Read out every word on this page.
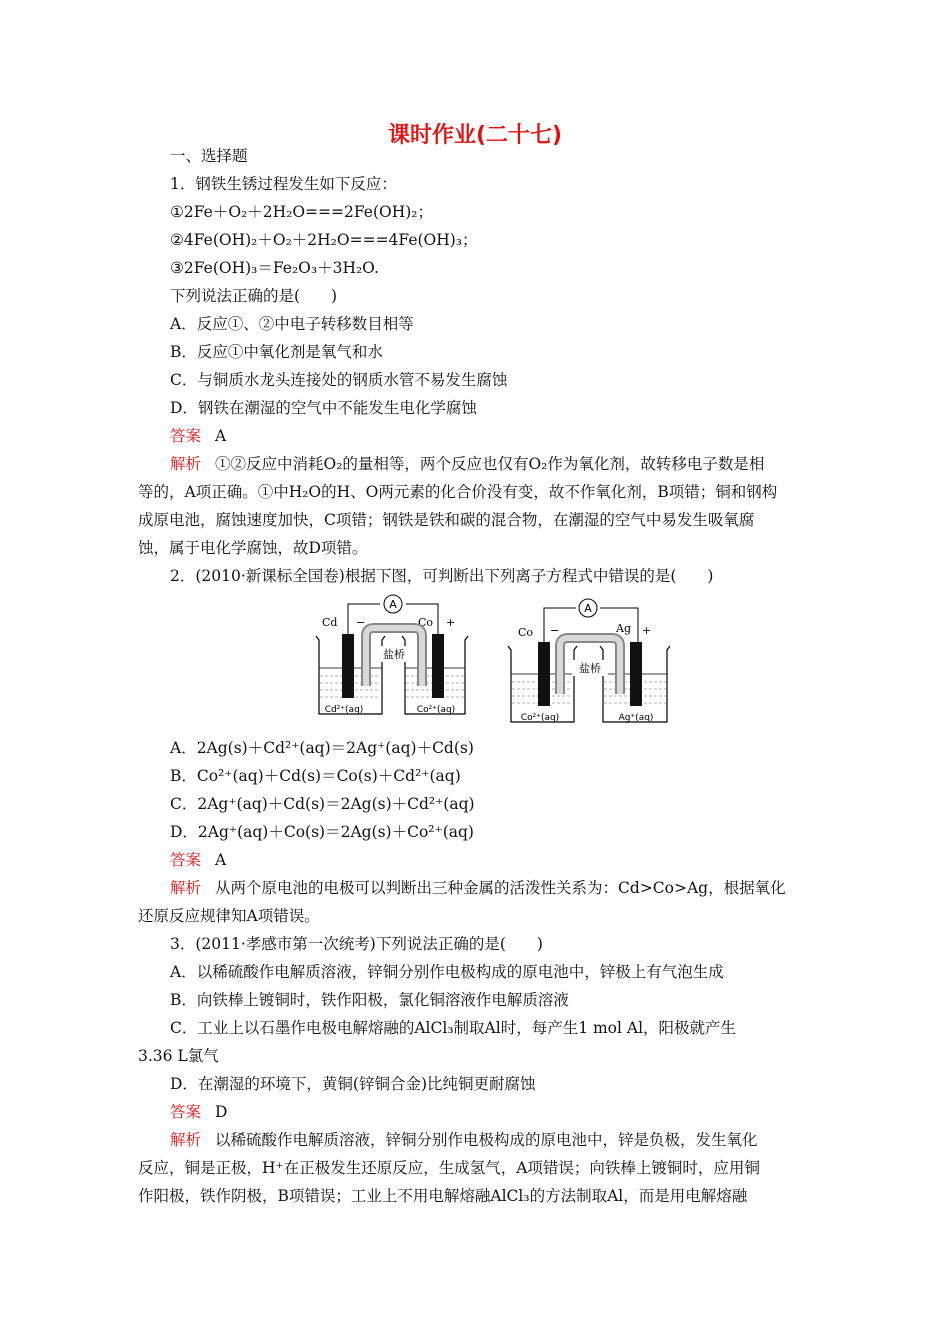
课时作业(二十七)
一、选择题
1．钢铁生锈过程发生如下反应：
①2Fe＋O₂＋2H₂O===2Fe(OH)₂；
②4Fe(OH)₂＋O₂＋2H₂O===4Fe(OH)₃；
③2Fe(OH)₃＝Fe₂O₃＋3H₂O.
下列说法正确的是(　　)
A．反应①、②中电子转移数目相等
B．反应①中氧化剂是氧气和水
C．与铜质水龙头连接处的钢质水管不易发生腐蚀
D．钢铁在潮湿的空气中不能发生电化学腐蚀
答案 A
解析 ①②反应中消耗O₂的量相等，两个反应也仅有O₂作为氧化剂，故转移电子数是相
等的，A项正确。①中H₂O的H、O两元素的化合价没有变，故不作氧化剂，B项错；铜和钢构
成原电池，腐蚀速度加快，C项错；钢铁是铁和碳的混合物，在潮湿的空气中易发生吸氧腐
蚀，属于电化学腐蚀，故D项错。
2．(2010·新课标全国卷)根据下图，可判断出下列离子方程式中错误的是(　　)
A
Cd −	Co +
盐桥
Cd²⁺(aq)	Co²⁺(aq)
A
Co −	Ag +
盐桥
Co²⁺(aq)	Ag⁺(aq)
A．2Ag(s)＋Cd²⁺(aq)＝2Ag⁺(aq)＋Cd(s)
B．Co²⁺(aq)＋Cd(s)＝Co(s)＋Cd²⁺(aq)
C．2Ag⁺(aq)＋Cd(s)＝2Ag(s)＋Cd²⁺(aq)
D．2Ag⁺(aq)＋Co(s)＝2Ag(s)＋Co²⁺(aq)
答案 A
解析 从两个原电池的电极可以判断出三种金属的活泼性关系为：Cd>Co>Ag，根据氧化
还原反应规律知A项错误。
3．(2011·孝感市第一次统考)下列说法正确的是(　　)
A．以稀硫酸作电解质溶液，锌铜分别作电极构成的原电池中，锌极上有气泡生成
B．向铁棒上镀铜时，铁作阳极，氯化铜溶液作电解质溶液
C．工业上以石墨作电极电解熔融的AlCl₃制取Al时，每产生1 mol Al，阳极就产生
3.36 L氯气
D．在潮湿的环境下，黄铜(锌铜合金)比纯铜更耐腐蚀
答案 D
解析 以稀硫酸作电解质溶液，锌铜分别作电极构成的原电池中，锌是负极，发生氧化
反应，铜是正极，H⁺在正极发生还原反应，生成氢气，A项错误；向铁棒上镀铜时，应用铜
作阳极，铁作阴极，B项错误；工业上不用电解熔融AlCl₃的方法制取Al，而是用电解熔融
